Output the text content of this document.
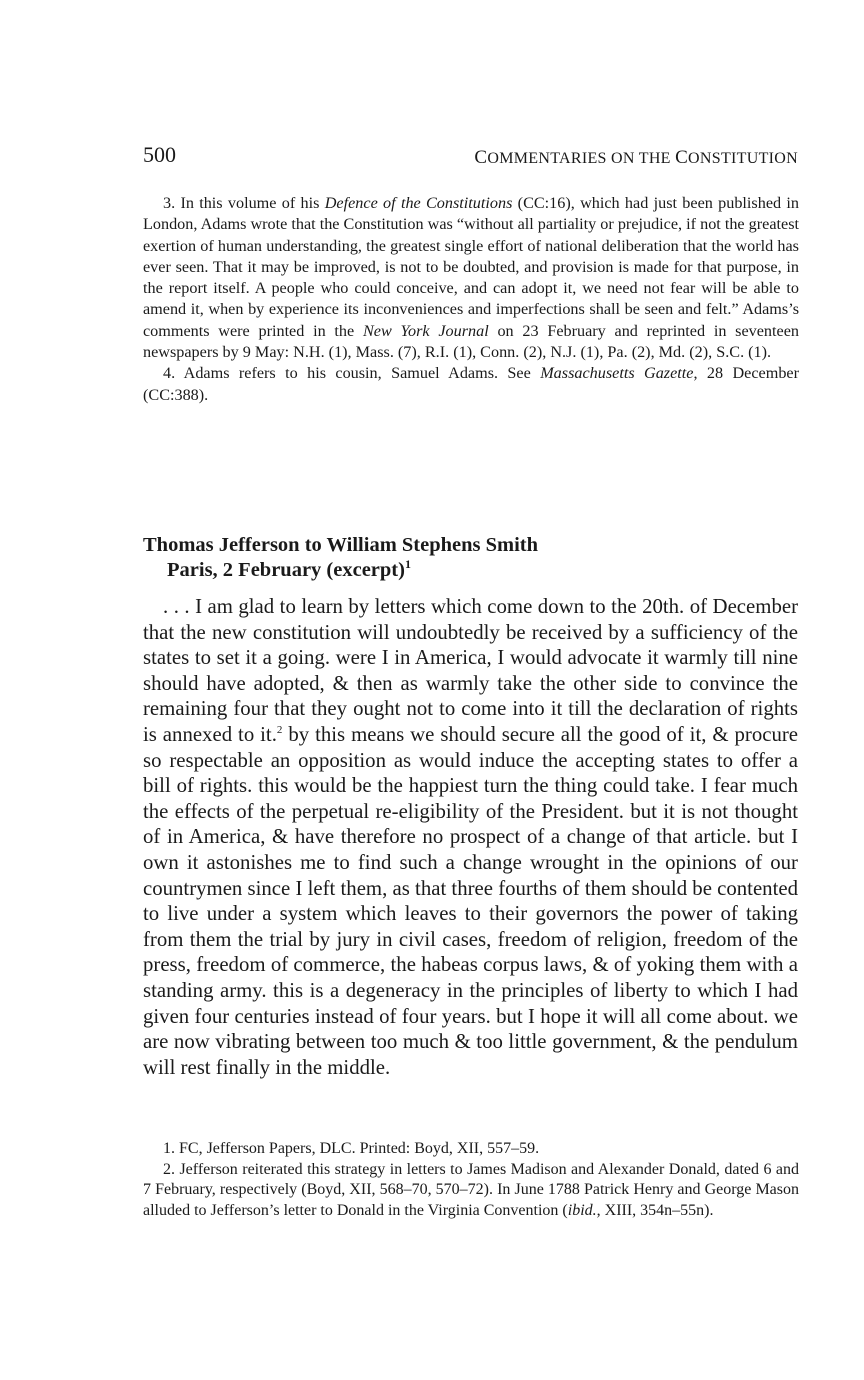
500	COMMENTARIES ON THE CONSTITUTION

3. In this volume of his Defence of the Constitutions (CC:16), which had just been published in London, Adams wrote that the Constitution was “without all partiality or prejudice, if not the greatest exertion of human understanding, the greatest single effort of national deliberation that the world has ever seen. That it may be improved, is not to be doubted, and provision is made for that purpose, in the report itself. A people who could conceive, and can adopt it, we need not fear will be able to amend it, when by experience its inconveniences and imperfections shall be seen and felt.” Adams’s comments were printed in the New York Journal on 23 February and reprinted in seventeen newspapers by 9 May: N.H. (1), Mass. (7), R.I. (1), Conn. (2), N.J. (1), Pa. (2), Md. (2), S.C. (1).

4. Adams refers to his cousin, Samuel Adams. See Massachusetts Gazette, 28 December (CC:388).

Thomas Jefferson to William Stephens Smith
Paris, 2 February (excerpt)$^1$

. . . I am glad to learn by letters which come down to the 20th. of December that the new constitution will undoubtedly be received by a sufficiency of the states to set it a going. were I in America, I would advocate it warmly till nine should have adopted, & then as warmly take the other side to convince the remaining four that they ought not to come into it till the declaration of rights is annexed to it.$^2$ by this means we should secure all the good of it, & procure so respectable an opposition as would induce the accepting states to offer a bill of rights. this would be the happiest turn the thing could take. I fear much the effects of the perpetual re-eligibility of the President. but it is not thought of in America, & have therefore no prospect of a change of that article. but I own it astonishes me to find such a change wrought in the opinions of our countrymen since I left them, as that three fourths of them should be contented to live under a system which leaves to their governors the power of taking from them the trial by jury in civil cases, freedom of religion, freedom of the press, freedom of commerce, the habeas corpus laws, & of yoking them with a standing army. this is a degeneracy in the principles of liberty to which I had given four centuries instead of four years. but I hope it will all come about. we are now vibrating between too much & too little government, & the pendulum will rest finally in the middle.

1. FC, Jefferson Papers, DLC. Printed: Boyd, XII, 557–59.

2. Jefferson reiterated this strategy in letters to James Madison and Alexander Donald, dated 6 and 7 February, respectively (Boyd, XII, 568–70, 570–72). In June 1788 Patrick Henry and George Mason alluded to Jefferson’s letter to Donald in the Virginia Convention (ibid., XIII, 354n–55n).
